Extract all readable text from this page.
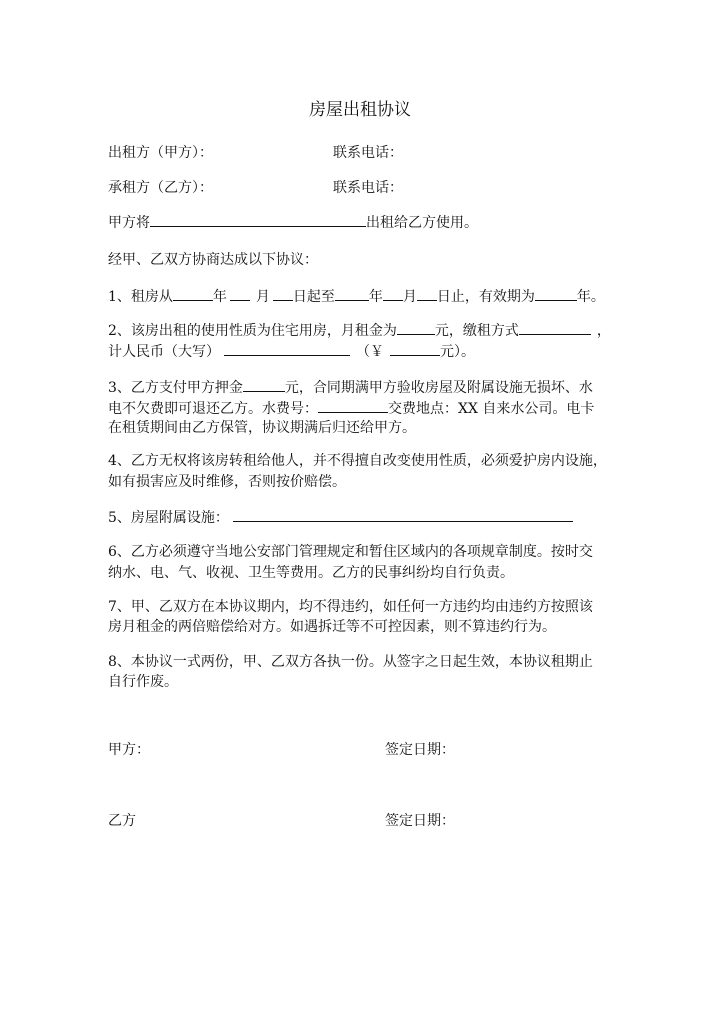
房屋出租协议
出租方（甲方）：	联系电话：
承租方（乙方）：	联系电话：
甲方将	出租给乙方使用。
经甲、乙双方协商达成以下协议：
1、租房从	年 月 日起至 年 月 日止，有效期为	年。
2、该房出租的使用性质为住宅用房，月租金为	元，缴租方式	，
计人民币（大写）	（￥	元）。
3、乙方支付甲方押金	元，合同期满甲方验收房屋及附属设施无损坏、水
电不欠费即可退还乙方。水费号：	交费地点：XX 自来水公司。电卡
在租赁期间由乙方保管，协议期满后归还给甲方。
4、乙方无权将该房转租给他人，并不得擅自改变使用性质，必须爱护房内设施，
如有损害应及时维修，否则按价赔偿。
5、房屋附属设施：
6、乙方必须遵守当地公安部门管理规定和暂住区域内的各项规章制度。按时交
纳水、电、气、收视、卫生等费用。乙方的民事纠纷均自行负责。
7、甲、乙双方在本协议期内，均不得违约，如任何一方违约均由违约方按照该
房月租金的两倍赔偿给对方。如遇拆迁等不可控因素，则不算违约行为。
8、本协议一式两份，甲、乙双方各执一份。从签字之日起生效，本协议租期止
自行作废。
甲方：	签定日期：
乙方	签定日期：
